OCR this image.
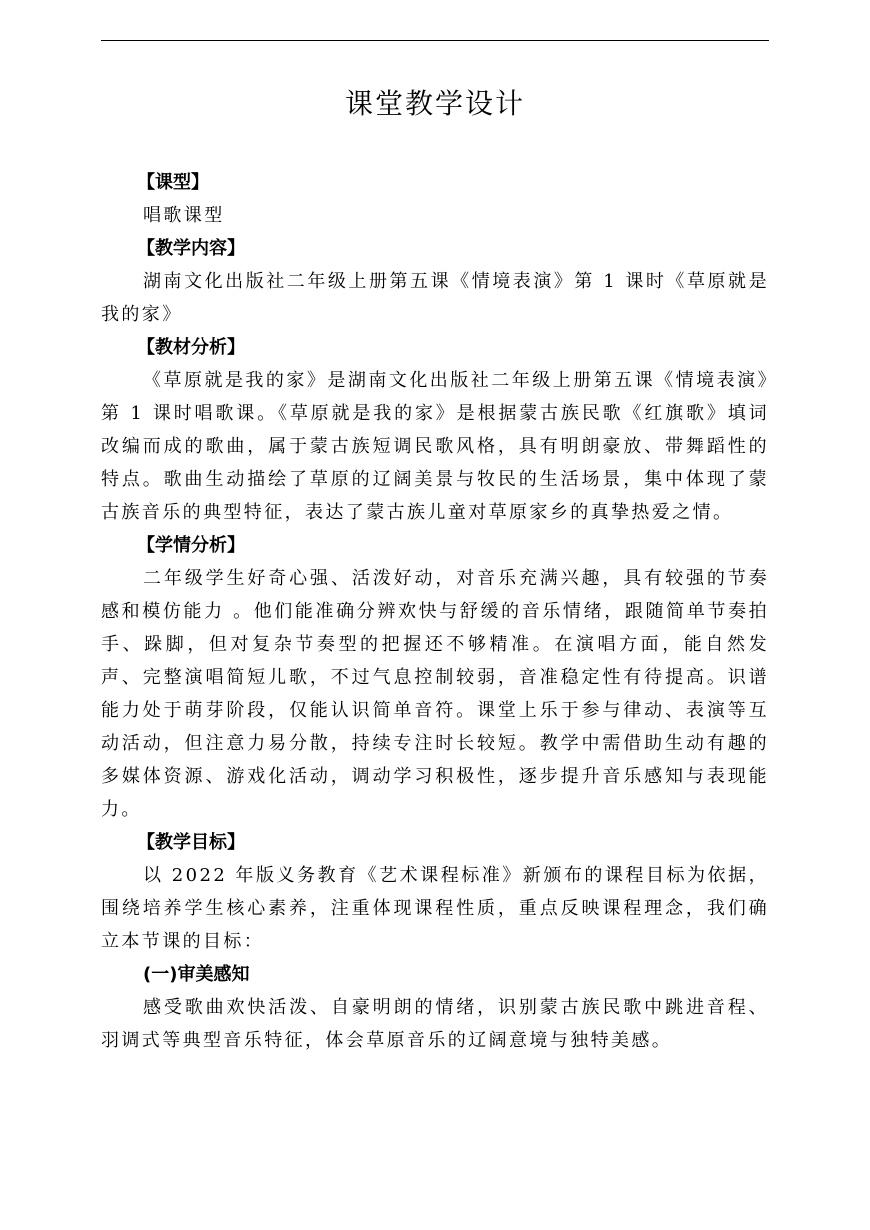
课堂教学设计

【课型】

唱歌课型

【教学内容】

湖南文化出版社二年级上册第五课《情境表演》第 1 课时《草原就是我的家》

【教材分析】

《草原就是我的家》是湖南文化出版社二年级上册第五课《情境表演》第 1 课时唱歌课。《草原就是我的家》是根据蒙古族民歌《红旗歌》填词改编而成的歌曲，属于蒙古族短调民歌风格，具有明朗豪放、带舞蹈性的特点。歌曲生动描绘了草原的辽阔美景与牧民的生活场景，集中体现了蒙古族音乐的典型特征，表达了蒙古族儿童对草原家乡的真挚热爱之情。

【学情分析】

二年级学生好奇心强、活泼好动，对音乐充满兴趣，具有较强的节奏感和模仿能力 。他们能准确分辨欢快与舒缓的音乐情绪，跟随简单节奏拍手、跺脚，但对复杂节奏型的把握还不够精准。在演唱方面，能自然发声、完整演唱简短儿歌，不过气息控制较弱，音准稳定性有待提高。识谱能力处于萌芽阶段，仅能认识简单音符。课堂上乐于参与律动、表演等互动活动，但注意力易分散，持续专注时长较短。教学中需借助生动有趣的多媒体资源、游戏化活动，调动学习积极性，逐步提升音乐感知与表现能力。

【教学目标】

以 2022 年版义务教育《艺术课程标准》新颁布的课程目标为依据，围绕培养学生核心素养，注重体现课程性质，重点反映课程理念，我们确立本节课的目标：

(一)审美感知

感受歌曲欢快活泼、自豪明朗的情绪，识别蒙古族民歌中跳进音程、羽调式等典型音乐特征，体会草原音乐的辽阔意境与独特美感。
